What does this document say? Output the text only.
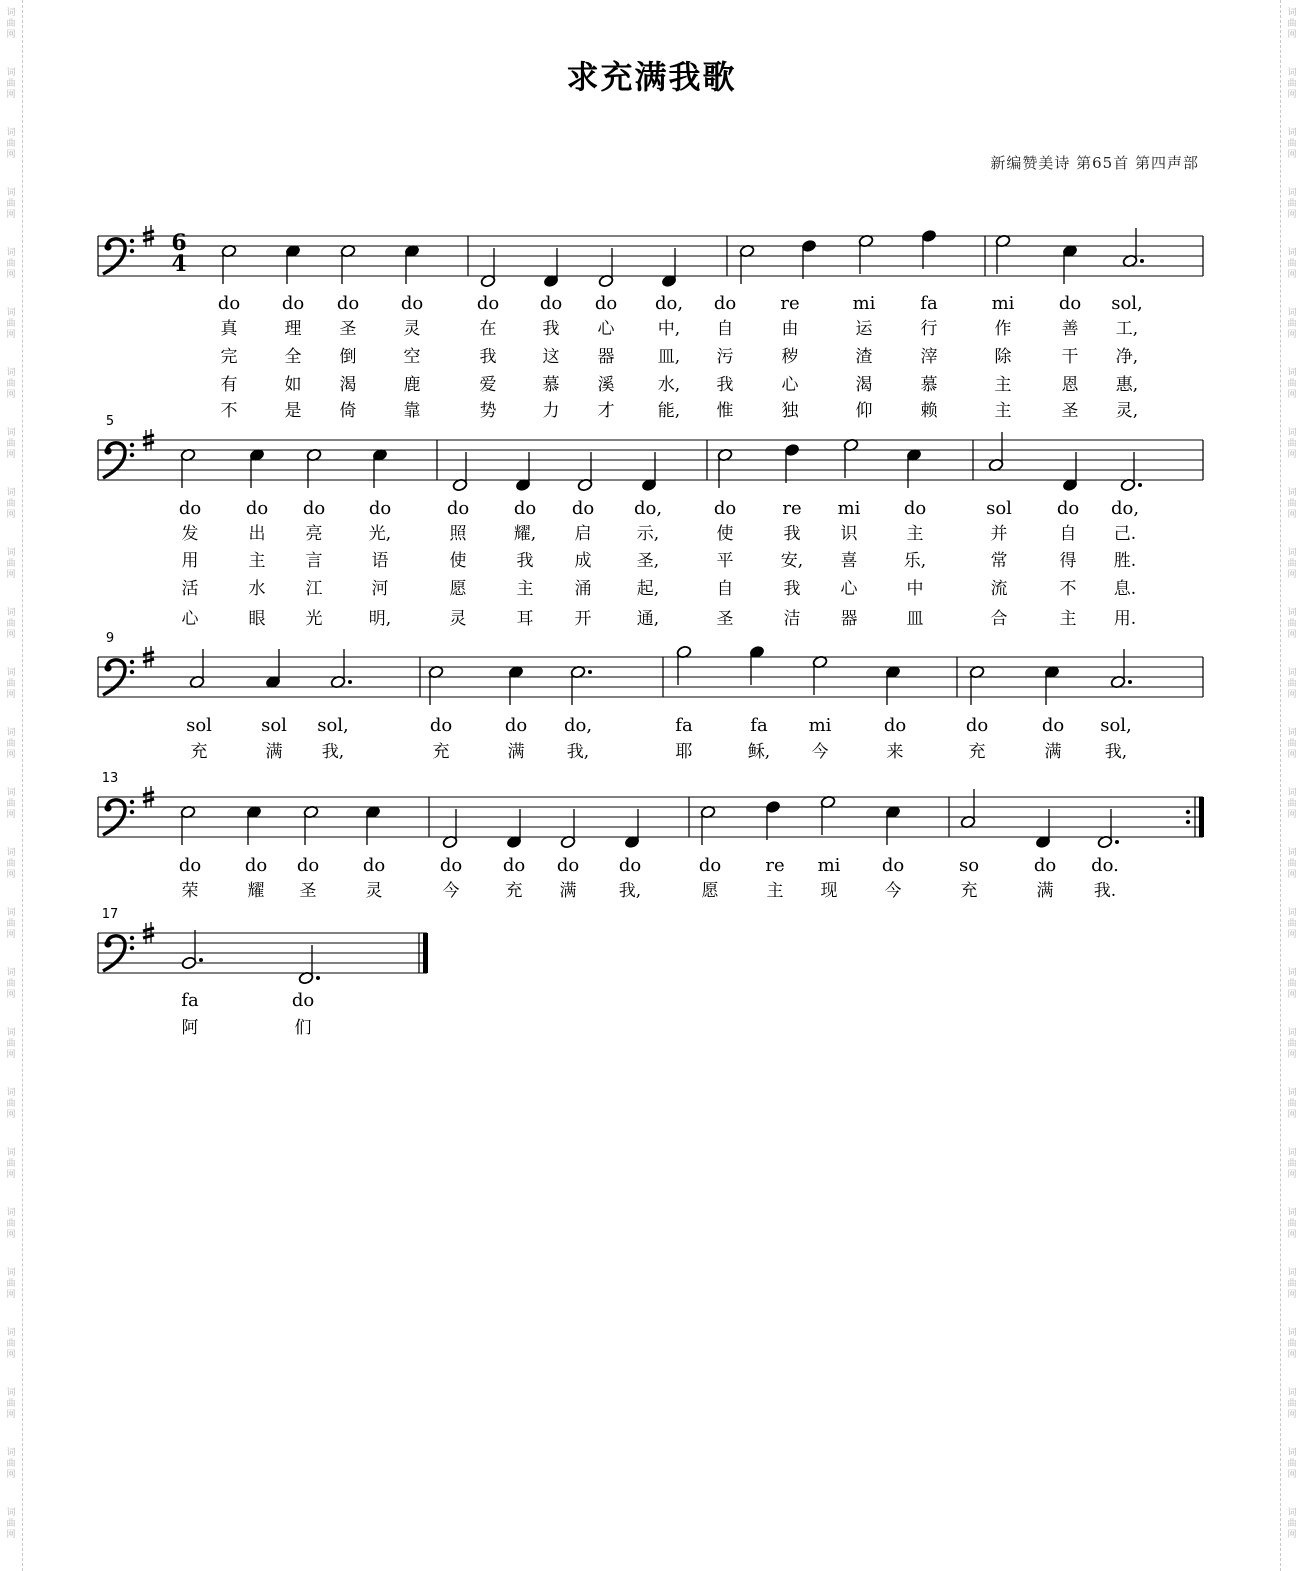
求充满我歌
新编赞美诗 第65首 第四声部
6
4
do do do do	do do do do, do re	mi fa	mi do sol,
真	理 圣	灵	在	我 心	中, 自	由	运	行	作	善 工,
完	全 倒	空	我	这 器	皿, 污	秽	渣	滓	除	干 净,
有	如 渴	鹿	爱	慕 溪	水, 我	心	渴	慕	主	恩 惠,
不	是 倚	靠	势	力 才	能, 惟	独	仰	赖	主	圣 灵,
5
do do do do	do do do do,	do	re mi do	sol do do,
发	出 亮	光,	照	耀, 启	示,	使	我 识	主	并	自 己.
用	主 言	语	使	我 成	圣,	平	安, 喜	乐,	常	得 胜.
活	水 江	河	愿	主 涌	起,	自	我 心	中	流	不 息.
心	眼 光	明,	灵	耳 开	通,	圣	洁 器	皿	合	主 用.
9
sol	sol sol,	do	do do,	fa	fa mi	do	do	do sol,
充	满 我,	充	满 我,	耶	稣, 今	来	充	满	我,
13
do do do do	do do do do	do re mi do	so	do do.
荣	耀 圣	灵	今	充 满 我,	愿	主 现	今	充	满 我.
17
fa	do
阿	们
词
曲
网
词
曲
网
词
曲
网
词
曲
网
词
曲
网
词
曲
网
词
曲
网
词
曲
网
词
曲
网
词
曲
网
词
曲
网
词
曲
网
词
曲
网
词
曲
网
词
曲
网
词
曲
网
词
曲
网
词
曲
网
词
曲
网
词
曲
网
词
曲
网
词
曲
网
词
曲
网
词
曲
网
词
曲
网
词
曲
网
词
曲
网
词
曲
网
词
曲
网
词
曲
网
词
曲
网
词
曲
网
词
曲
网
词
曲
网
词
曲
网
词
曲
网
词
曲
网
词
曲
网
词
曲
网
词
曲
网
词
曲
网
词
曲
网
词
曲
网
词
曲
网
词
曲
网
词
曲
网
词
曲
网
词
曲
网
词
曲
网
词
曲
网
词
曲
网
词
曲
网
